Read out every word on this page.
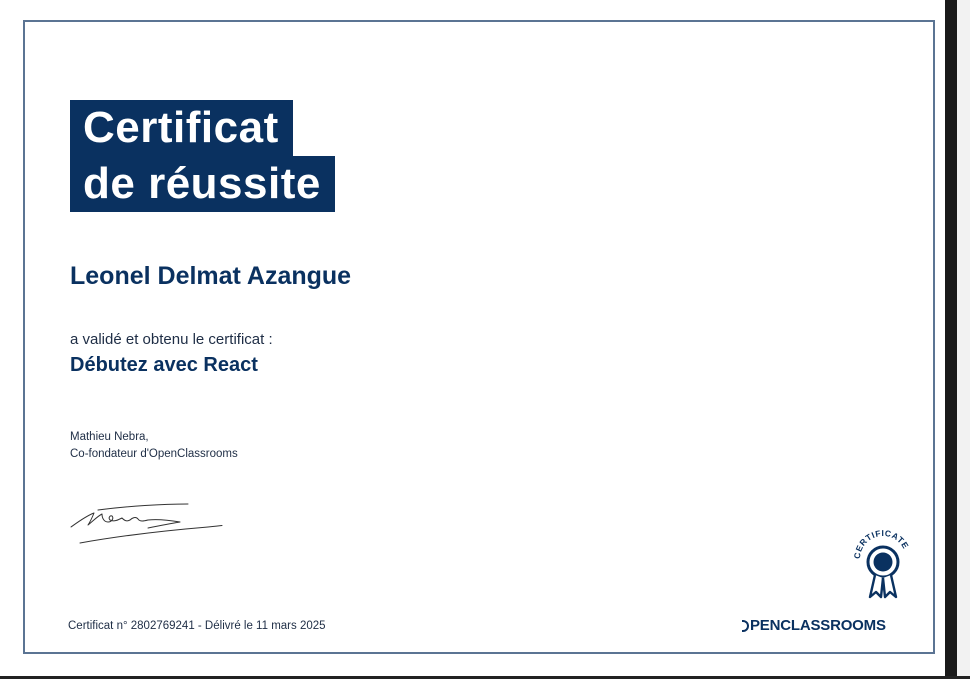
Certificat
de réussite
Leonel Delmat Azangue
a validé et obtenu le certificat :
Débutez avec React
Mathieu Nebra,
Co-fondateur d'OpenClassrooms
Certificat n° 2802769241 - Délivré le 11 mars 2025
CERTIFICATE
PENCLASSROOMS
